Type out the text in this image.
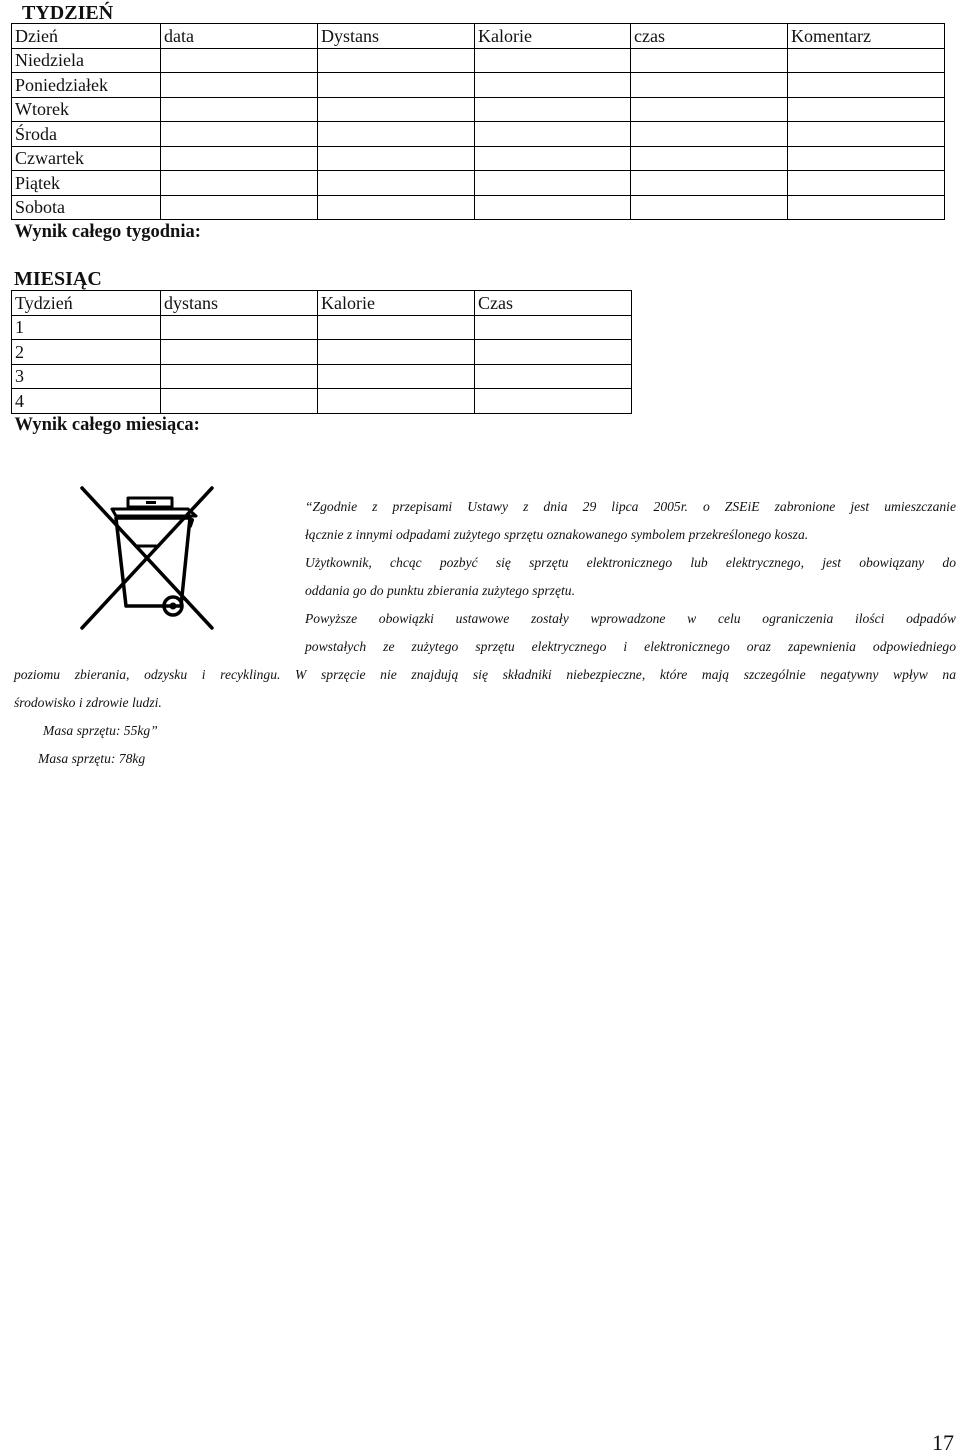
TYDZIEŃ
Dzień	data	Dystans	Kalorie	czas	Komentarz
Niedziela					
Poniedziałek					
Wtorek					
Środa					
Czwartek					
Piątek					
Sobota					
Wynik całego tygodnia:					
MIESIĄC
Tydzień	dystans	Kalorie	Czas
1			
2			
3			
4			
Wynik całego miesiąca:			
“Zgodnie z przepisami Ustawy z dnia 29 lipca 2005r. o ZSEiE zabronione jest umieszczanie
łącznie z innymi odpadami zużytego sprzętu oznakowanego symbolem przekreślonego kosza.
Użytkownik, chcąc pozbyć się sprzętu elektronicznego lub elektrycznego, jest obowiązany do
oddania go do punktu zbierania zużytego sprzętu.
Powyższe obowiązki ustawowe zostały wprowadzone w celu ograniczenia ilości odpadów
powstałych ze zużytego sprzętu elektrycznego i elektronicznego oraz zapewnienia odpowiedniego
poziomu zbierania, odzysku i recyklingu. W sprzęcie nie znajdują się składniki niebezpieczne, które mają szczególnie negatywny wpływ na
środowisko i zdrowie ludzi.
Masa sprzętu: 55kg”
Masa sprzętu: 78kg
17
